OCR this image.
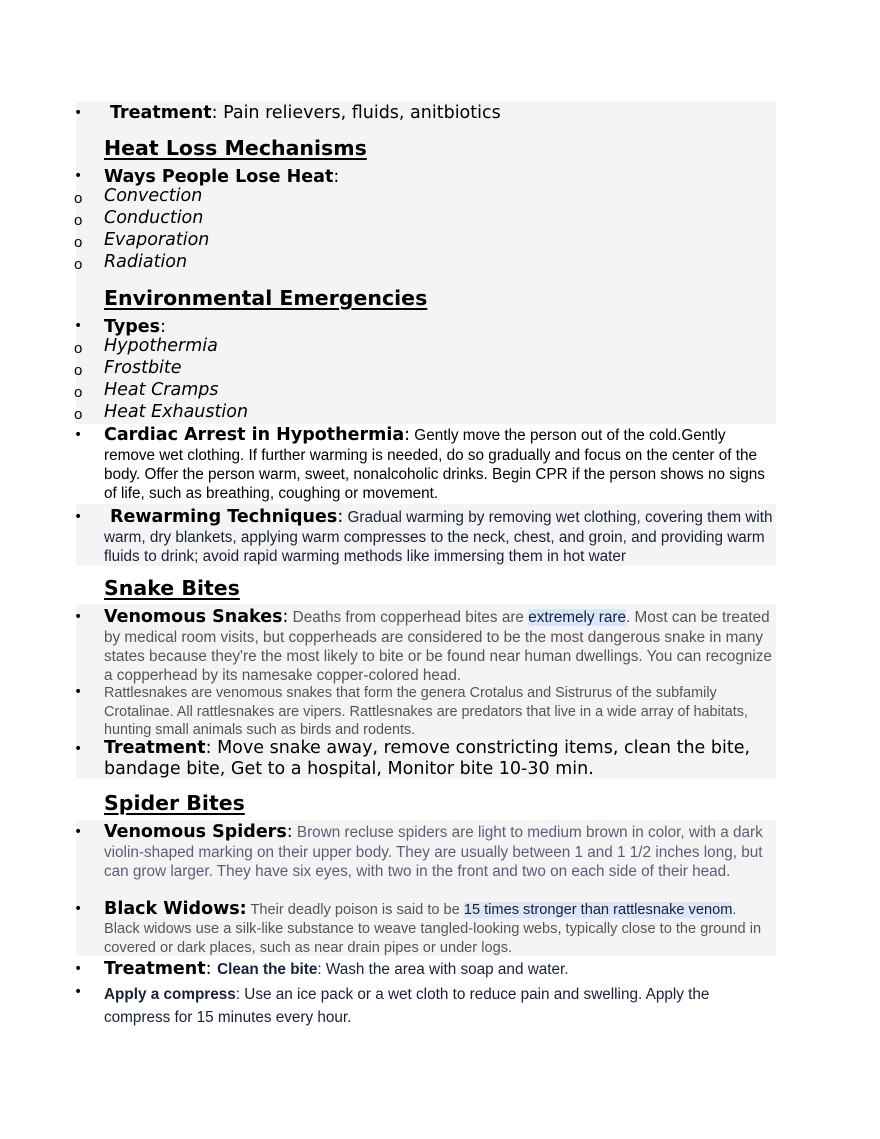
• Treatment: Pain relievers, fluids, anitbiotics
Heat Loss Mechanisms
• Ways People Lose Heat:
o Convection
o Conduction
o Evaporation
o Radiation
Environmental Emergencies
• Types:
o Hypothermia
o Frostbite
o Heat Cramps
o Heat Exhaustion
• Cardiac Arrest in Hypothermia: Gently move the person out of the cold.Gently remove wet clothing. If further warming is needed, do so gradually and focus on the center of the body. Offer the person warm, sweet, nonalcoholic drinks. Begin CPR if the person shows no signs of life, such as breathing, coughing or movement.
•	Rewarming Techniques: Gradual warming by removing wet clothing, covering them with warm, dry blankets, applying warm compresses to the neck, chest, and groin, and providing warm fluids to drink; avoid rapid warming methods like immersing them in hot water
Snake Bites
• Venomous Snakes: Deaths from copperhead bites are extremely rare. Most can be treated by medical room visits, but copperheads are considered to be the most dangerous snake in many states because they're the most likely to bite or be found near human dwellings. You can recognize a copperhead by its namesake copper-colored head.
• Rattlesnakes are venomous snakes that form the genera Crotalus and Sistrurus of the subfamily Crotalinae. All rattlesnakes are vipers. Rattlesnakes are predators that live in a wide array of habitats, hunting small animals such as birds and rodents.
• Treatment: Move snake away, remove constricting items, clean the bite, bandage bite, Get to a hospital, Monitor bite 10-30 min.
Spider Bites
• Venomous Spiders: Brown recluse spiders are light to medium brown in color, with a dark violin-shaped marking on their upper body. They are usually between 1 and 1 1/2 inches long, but can grow larger. They have six eyes, with two in the front and two on each side of their head.
• Black Widows: Their deadly poison is said to be 15 times stronger than rattlesnake venom. Black widows use a silk-like substance to weave tangled-looking webs, typically close to the ground in covered or dark places, such as near drain pipes or under logs.
• Treatment: Clean the bite: Wash the area with soap and water.
• Apply a compress: Use an ice pack or a wet cloth to reduce pain and swelling. Apply the compress for 15 minutes every hour.
